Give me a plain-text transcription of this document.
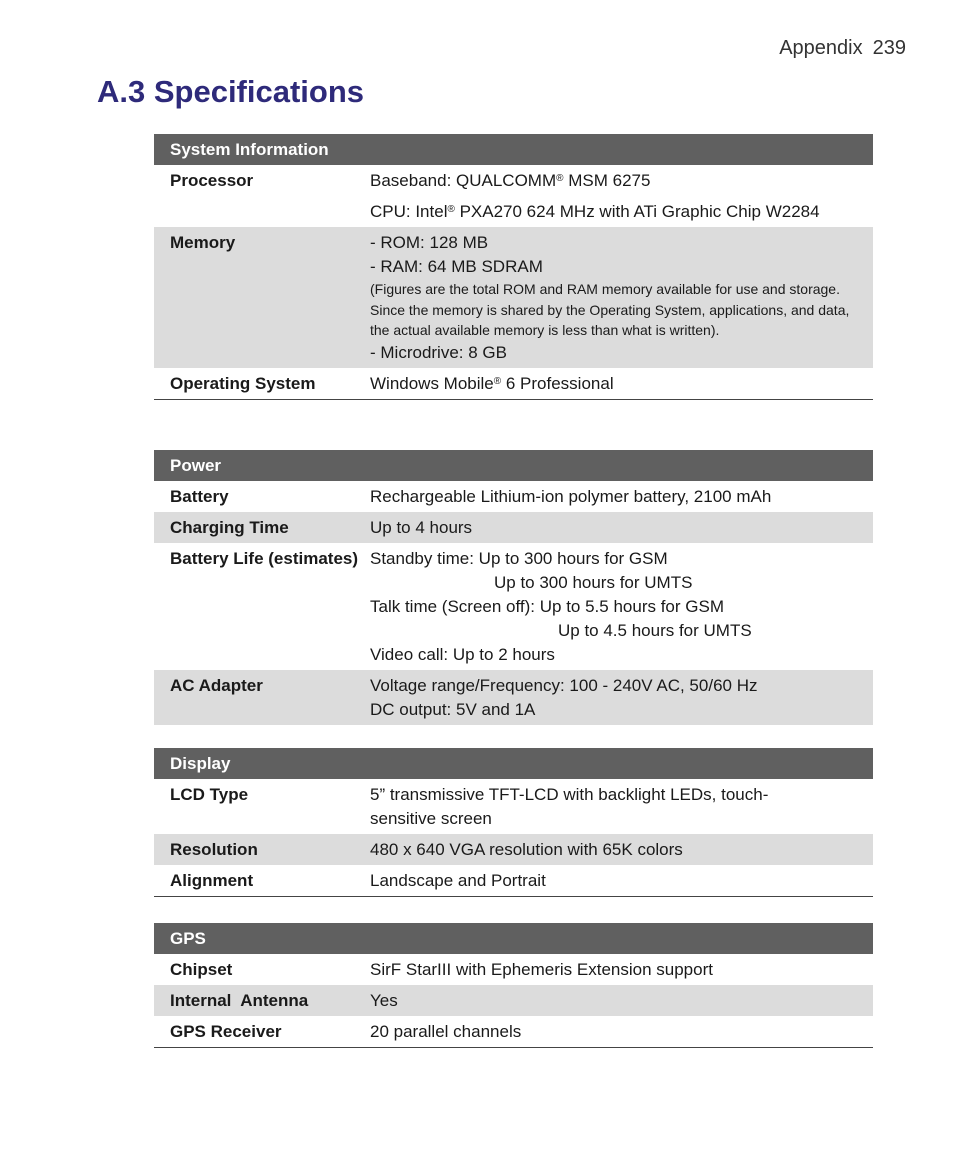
Appendix 239
A.3 Specifications
System Information
Processor	Baseband: QUALCOMM® MSM 6275
CPU: Intel® PXA270 624 MHz with ATi Graphic Chip W2284
Memory	- ROM: 128 MB
- RAM: 64 MB SDRAM
(Figures are the total ROM and RAM memory available for use and storage. Since the memory is shared by the Operating System, applications, and data, the actual available memory is less than what is written).
- Microdrive: 8 GB
Operating System	Windows Mobile® 6 Professional
Power
Battery	Rechargeable Lithium-ion polymer battery, 2100 mAh
Charging Time	Up to 4 hours
Battery Life (estimates) Standby time: Up to 300 hours for GSM
Up to 300 hours for UMTS
Talk time (Screen off): Up to 5.5 hours for GSM
Up to 4.5 hours for UMTS
Video call: Up to 2 hours
AC Adapter	Voltage range/Frequency: 100 - 240V AC, 50/60 Hz
DC output: 5V and 1A
Display
LCD Type	5” transmissive TFT-LCD with backlight LEDs, touch-
sensitive screen
Resolution	480 x 640 VGA resolution with 65K colors
Alignment	Landscape and Portrait
GPS
Chipset	SirF StarIII with Ephemeris Extension support
Internal  Antenna	Yes
GPS Receiver	20 parallel channels
